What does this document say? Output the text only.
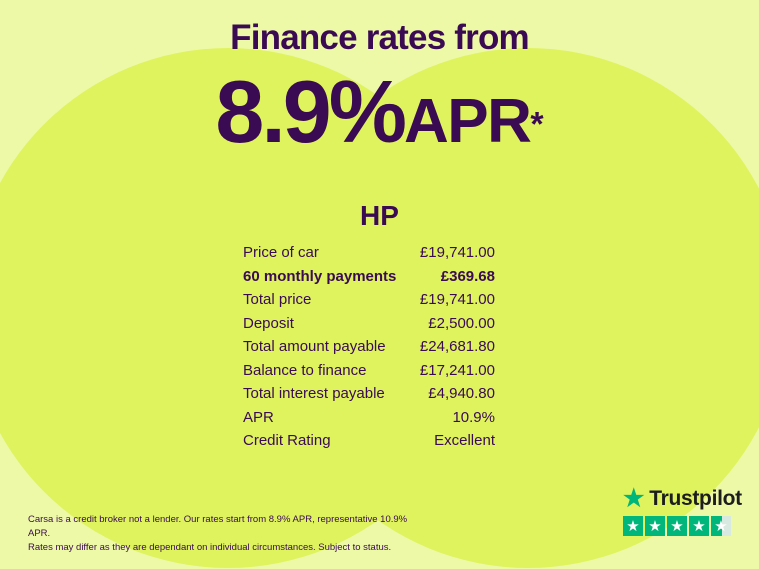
Finance rates from
8.9%APR*
HP
Price of car	£19,741.00
60 monthly payments	£369.68
Total price	£19,741.00
Deposit	£2,500.00
Total amount payable £24,681.80
Balance to finance	£17,241.00
Total interest payable	£4,940.80
APR	10.9%
Credit Rating	Excellent
Carsa is a credit broker not a lender. Our rates start from 8.9% APR, representative 10.9% APR.
Rates may differ as they are dependant on individual circumstances. Subject to status.
★ Trustpilot
★ ★ ★ ★ ★
